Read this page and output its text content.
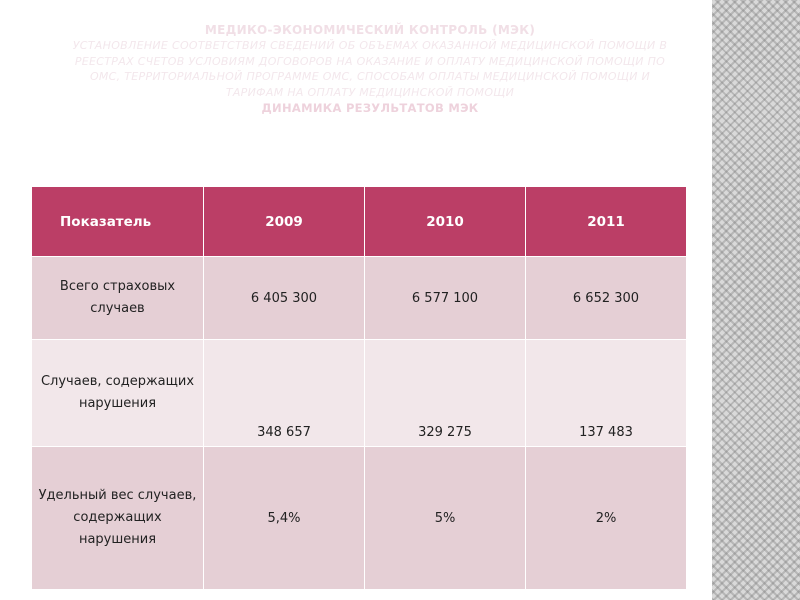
МЕДИКО-ЭКОНОМИЧЕСКИЙ КОНТРОЛЬ (МЭК)
УСТАНОВЛЕНИЕ СООТВЕТСТВИЯ СВЕДЕНИЙ ОБ ОБЪЕМАХ ОКАЗАННОЙ МЕДИЦИНСКОЙ ПОМОЩИ В РЕЕСТРАХ СЧЕТОВ УСЛОВИЯМ ДОГОВОРОВ НА ОКАЗАНИЕ И ОПЛАТУ МЕДИЦИНСКОЙ ПОМОЩИ ПО ОМС, ТЕРРИТОРИАЛЬНОЙ ПРОГРАММЕ ОМС, СПОСОБАМ ОПЛАТЫ МЕДИЦИНСКОЙ ПОМОЩИ И ТАРИФАМ НА ОПЛАТУ МЕДИЦИНСКОЙ ПОМОЩИ
ДИНАМИКА РЕЗУЛЬТАТОВ МЭК
Показатель	2009	2010	2011
Всего страховых случаев	6 405 300	6 577 100	6 652 300
Случаев, содержащих нарушения	348 657	329 275	137 483
Удельный вес случаев, содержащих нарушения	5,4%	5%	2%
